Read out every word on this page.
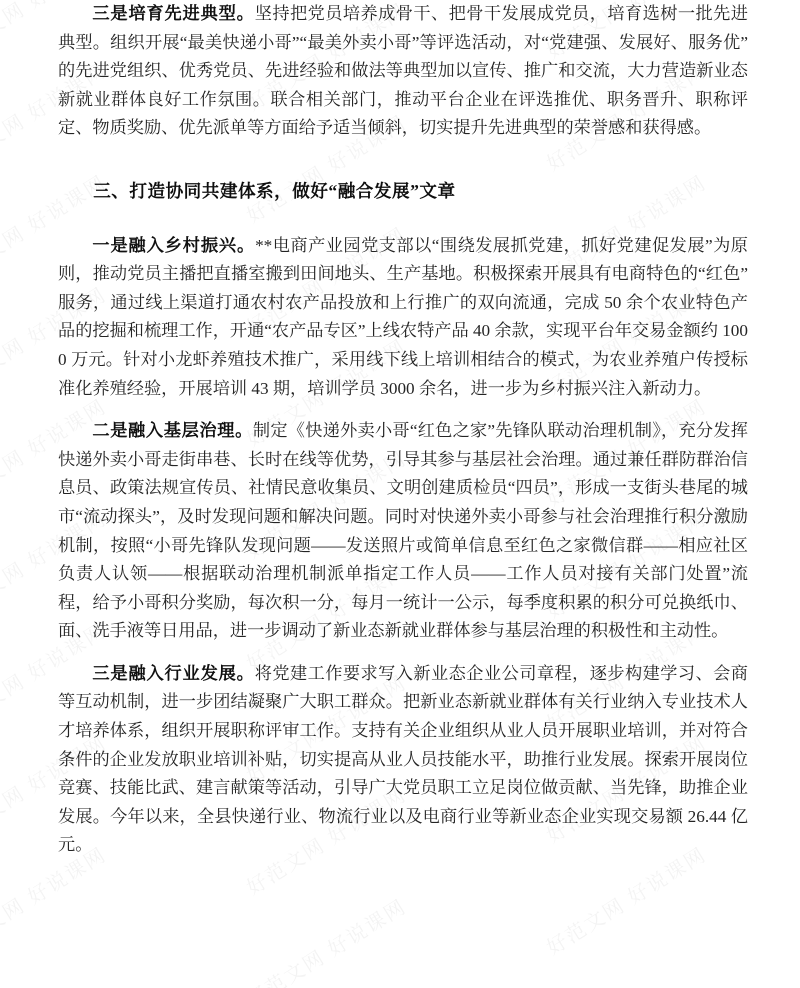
三是培育先进典型。坚持把党员培养成骨干、把骨干发展成党员，培育选树一批先进典型。组织开展“最美快递小哥”“最美外卖小哥”等评选活动，对“党建强、发展好、服务优”的先进党组织、优秀党员、先进经验和做法等典型加以宣传、推广和交流，大力营造新业态新就业群体良好工作氛围。联合相关部门，推动平台企业在评选推优、职务晋升、职称评定、物质奖励、优先派单等方面给予适当倾斜，切实提升先进典型的荣誉感和获得感。

三、打造协同共建体系，做好“融合发展”文章

一是融入乡村振兴。**电商产业园党支部以“围绕发展抓党建，抓好党建促发展”为原则，推动党员主播把直播室搬到田间地头、生产基地。积极探索开展具有电商特色的“红色”服务，通过线上渠道打通农村农产品投放和上行推广的双向流通，完成 50 余个农业特色产品的挖掘和梳理工作，开通“农产品专区”上线农特产品 40 余款，实现平台年交易金额约 1000 万元。针对小龙虾养殖技术推广，采用线下线上培训相结合的模式，为农业养殖户传授标准化养殖经验，开展培训 43 期，培训学员 3000 余名，进一步为乡村振兴注入新动力。

二是融入基层治理。制定《快递外卖小哥“红色之家”先锋队联动治理机制》，充分发挥快递外卖小哥走街串巷、长时在线等优势，引导其参与基层社会治理。通过兼任群防群治信息员、政策法规宣传员、社情民意收集员、文明创建质检员“四员”，形成一支街头巷尾的城市“流动探头”，及时发现问题和解决问题。同时对快递外卖小哥参与社会治理推行积分激励机制，按照“小哥先锋队发现问题——发送照片或简单信息至红色之家微信群——相应社区负责人认领——根据联动治理机制派单指定工作人员——工作人员对接有关部门处置”流程，给予小哥积分奖励，每次积一分，每月一统计一公示，每季度积累的积分可兑换纸巾、面、洗手液等日用品，进一步调动了新业态新就业群体参与基层治理的积极性和主动性。

三是融入行业发展。将党建工作要求写入新业态企业公司章程，逐步构建学习、会商等互动机制，进一步团结凝聚广大职工群众。把新业态新就业群体有关行业纳入专业技术人才培养体系，组织开展职称评审工作。支持有关企业组织从业人员开展职业培训，并对符合条件的企业发放职业培训补贴，切实提高从业人员技能水平，助推行业发展。探索开展岗位竞赛、技能比武、建言献策等活动，引导广大党员职工立足岗位做贡献、当先锋，助推企业发展。今年以来，全县快递行业、物流行业以及电商行业等新业态企业实现交易额 26.44 亿元。
